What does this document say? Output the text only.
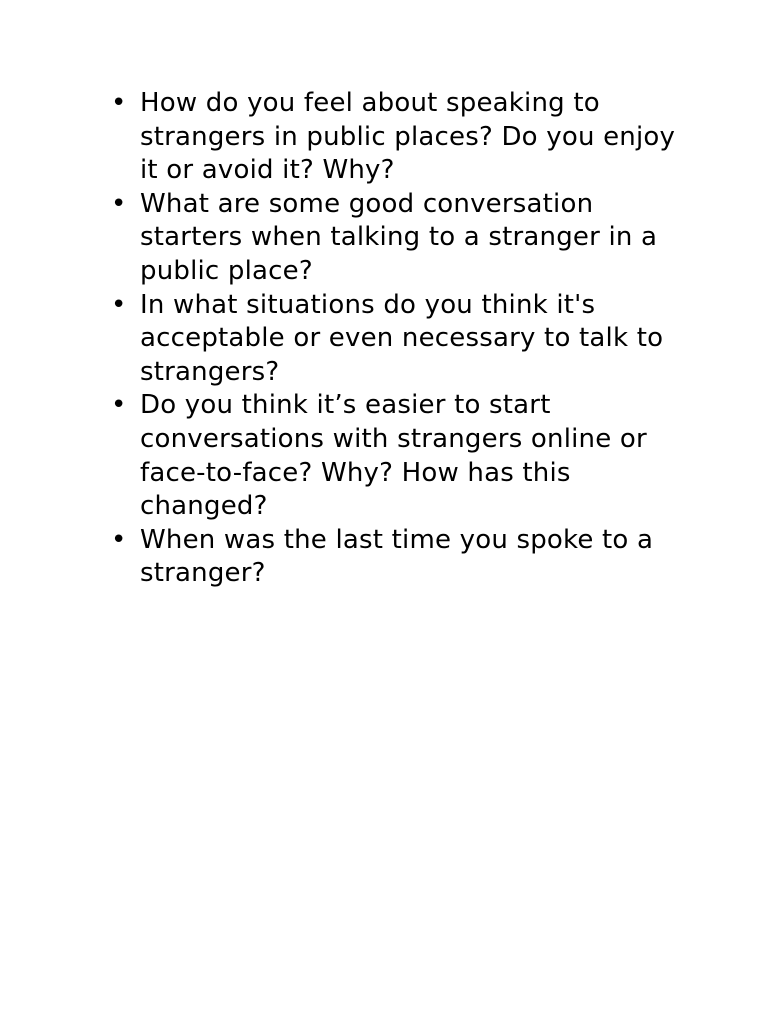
• How do you feel about speaking to strangers in public places? Do you enjoy it or avoid it? Why?
• What are some good conversation starters when talking to a stranger in a public place?
• In what situations do you think it's acceptable or even necessary to talk to strangers?
• Do you think it’s easier to start conversations with strangers online or face-to-face? Why? How has this changed?
• When was the last time you spoke to a stranger?
